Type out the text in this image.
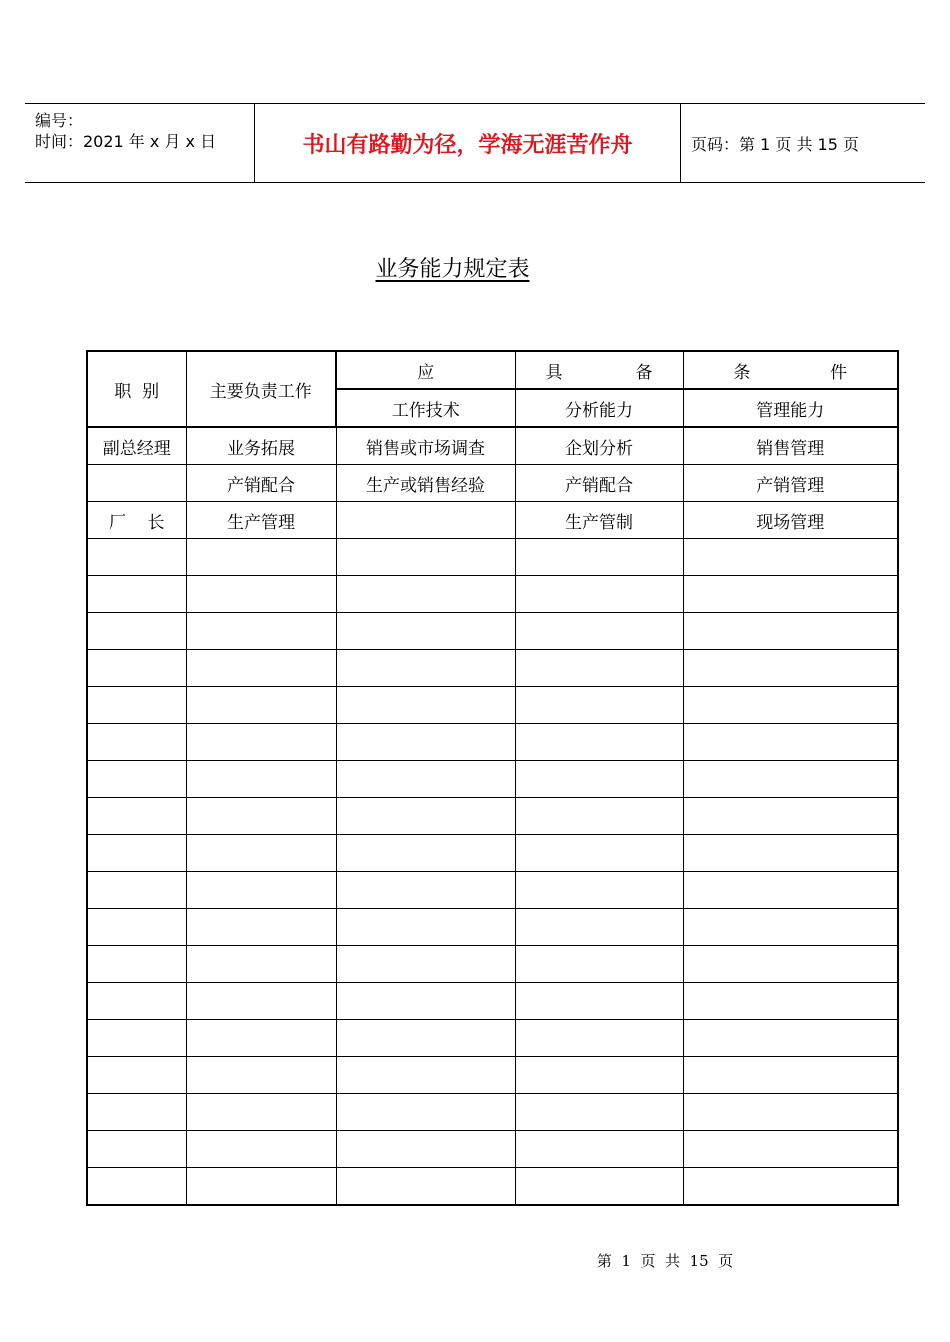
编号：
时间：2021 年 x 月 x 日	书山有路勤为径，学海无涯苦作舟	页码：第 1 页 共 15 页
业务能力规定表
职  别	主要负责工作	应	具 备	条 件

		工作技术	分析能力	管理能力
副总经理	业务拓展	销售或市场调查	企划分析	销售管理
	产销配合	生产或销售经验	产销配合	产销管理
厂    长	生产管理		生产管制	现场管理

第  1  页  共  15  页
